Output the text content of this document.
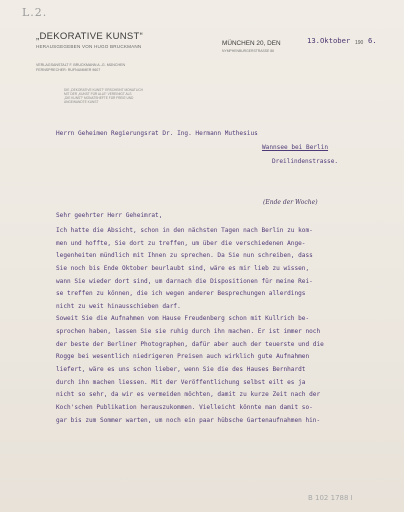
L.2.
„DEKORATIVE KUNST“
HERAUSGEGEBEN VON HUGO BRUCKMANN
VERLAGSANSTALT F. BRUCKMANN A.-G. MÜNCHEN
FERNSPRECHER: RUFNUMMER 9607
DIE „DEKORATIVE KUNST“ ERSCHEINT MONATLICH
MIT DER „KUNST FÜR ALLE“ VEREINIGT ALS
„DIE KUNST“ MONATSHEFTE FÜR FREIE UND
ANGEWANDTE KUNST
MÜNCHEN 20, DEN
NYMPHENBURGERSTRASSE 86
13.Oktober 190 6.
Herrn Geheimen Regierungsrat Dr. Ing. Hermann Muthesius
Wannsee bei Berlin
Dreilindenstrasse.
(Ende der Woche)
Sehr geehrter Herr Geheimrat,
Ich hatte die Absicht, schon in den nächsten Tagen nach Berlin zu kom-
men und hoffte, Sie dort zu treffen, um über die verschiedenen Ange-
legenheiten mündlich mit Ihnen zu sprechen. Da Sie nun schreiben, dass
Sie noch bis Ende Oktober beurlaubt sind, wäre es mir lieb zu wissen,
wann Sie wieder dort sind, um darnach die Dispositionen für meine Rei-
se treffen zu können, die ich wegen anderer Besprechungen allerdings
nicht zu weit hinausschieben darf.
Soweit Sie die Aufnahmen vom Hause Freudenberg schon mit Kullrich be-
sprochen haben, lassen Sie sie ruhig durch ihn machen. Er ist immer noch
der beste der Berliner Photographen, dafür aber auch der teuerste und die
Rogge bei wesentlich niedrigeren Preisen auch wirklich gute Aufnahmen
liefert, wäre es uns schon lieber, wenn Sie die des Hauses Bernhardt
durch ihn machen liessen. Mit der Veröffentlichung selbst eilt es ja
nicht so sehr, da wir es vermeiden möchten, damit zu kurze Zeit nach der
Koch'schen Publikation herauszukommen. Vielleicht könnte man damit so-
gar bis zum Sommer warten, um noch ein paar hübsche Gartenaufnahmen hin-
B 102 1788 I
